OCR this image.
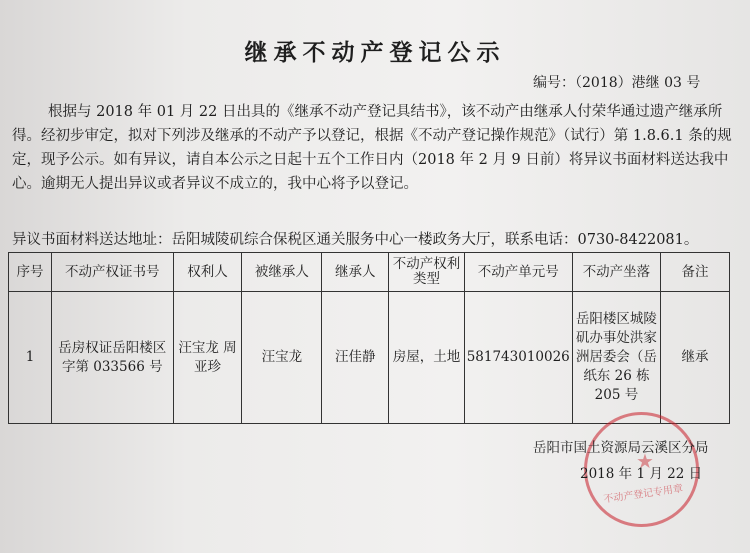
继承不动产登记公示
编号：（2018）港继 03 号
根据与 2018 年 01 月 22 日出具的《继承不动产登记具结书》，该不动产由继承人付荣华通过遗产继承所得。经初步审定，拟对下列涉及继承的不动产予以登记，根据《不动产登记操作规范》（试行）第 1.8.6.1 条的规定，现予公示。如有异议，请自本公示之日起十五个工作日内（2018 年 2 月 9 日前）将异议书面材料送达我中心。逾期无人提出异议或者异议不成立的，我中心将予以登记。
异议书面材料送达地址：岳阳城陵矶综合保税区通关服务中心一楼政务大厅，联系电话：0730-8422081。
序号	不动产权证书号	权利人	被继承人	继承人	不动产权利类型	不动产单元号	不动产坐落	备注
1	岳房权证岳阳楼区字第 033566 号	汪宝龙 周亚珍	汪宝龙	汪佳静	房屋，土地	581743010026	岳阳楼区城陵矶办事处洪家洲居委会（岳纸东 26 栋 205 号	继承
★
不动产登记专用章
岳阳市国土资源局云溪区分局
2018 年 1 月 22 日
